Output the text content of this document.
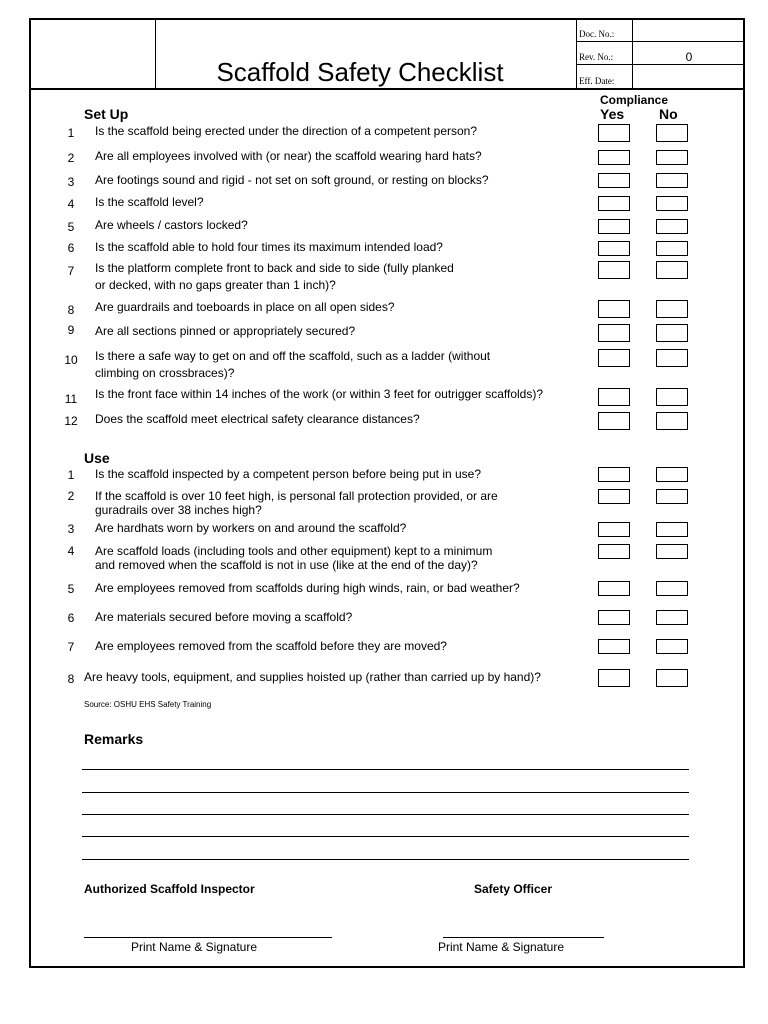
Scaffold Safety Checklist
Doc. No.:
Rev. No.:	0
Eff. Date:
Compliance
Yes No
Set Up
1	Is the scaffold being erected under the direction of a competent person?
2	Are all employees involved with (or near) the scaffold wearing hard hats?
3	Are footings sound and rigid - not set on soft ground, or resting on blocks?
4	Is the scaffold level?
5	Are wheels / castors locked?
6	Is the scaffold able to hold four times its maximum intended load?
7	Is the platform complete front to back and side to side (fully planked
or decked, with no gaps greater than 1 inch)?
8	Are guardrails and toeboards in place on all open sides?
9	Are all sections pinned or appropriately secured?
10 Is there a safe way to get on and off the scaffold, such as a ladder (without
climbing on crossbraces)?
11 Is the front face within 14 inches of the work (or within 3 feet for outrigger scaffolds)?
12 Does the scaffold meet electrical safety clearance distances?
Use
1	Is the scaffold inspected by a competent person before being put in use?
2	If the scaffold is over 10 feet high, is personal fall protection provided, or are
guradrails over 38 inches high?
3	Are hardhats worn by workers on and around the scaffold?
4	Are scaffold loads (including tools and other equipment) kept to a minimum
and removed when the scaffold is not in use (like at the end of the day)?
5	Are employees removed from scaffolds during high winds, rain, or bad weather?
6	Are materials secured before moving a scaffold?
7	Are employees removed from the scaffold before they are moved?
8 Are heavy tools, equipment, and supplies hoisted up (rather than carried up by hand)?
Source: OSHU EHS Safety Training
Remarks
Authorized Scaffold Inspector	Safety Officer
Print Name & Signature	Print Name & Signature
